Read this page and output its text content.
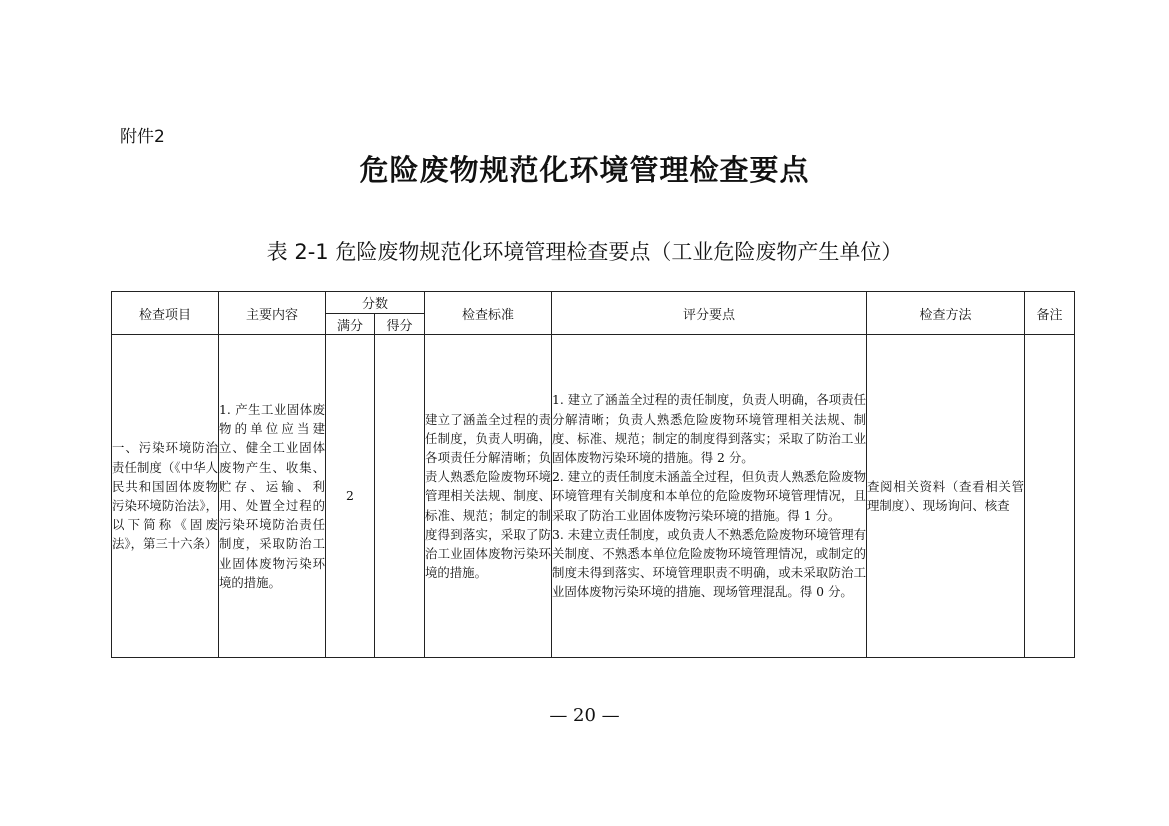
附件2
危险废物规范化环境管理检查要点
表 2-1 危险废物规范化环境管理检查要点（工业危险废物产生单位）
检查项目	主要内容	分数		检查标准	评分要点	检查方法	备注
		满分	得分				
一、污染环境防治责任制度（《中华人民共和国固体废物污染环境防治法》，以下简称《固废法》，第三十六条）	1. 产生工业固体废物的单位应当建立、健全工业固体废物产生、收集、贮存、运输、利用、处置全过程的污染环境防治责任制度，采取防治工业固体废物污染环境的措施。	2		建立了涵盖全过程的责任制度，负责人明确，各项责任分解清晰；负责人熟悉危险废物环境管理相关法规、制度、标准、规范；制定的制度得到落实，采取了防治工业固体废物污染环境的措施。	1. 建立了涵盖全过程的责任制度，负责人明确，各项责任分解清晰；负责人熟悉危险废物环境管理相关法规、制度、标准、规范；制定的制度得到落实；采取了防治工业固体废物污染环境的措施。得 2 分。
2. 建立的责任制度未涵盖全过程，但负责人熟悉危险废物环境管理有关制度和本单位的危险废物环境管理情况，且采取了防治工业固体废物污染环境的措施。得 1 分。
3. 未建立责任制度，或负责人不熟悉危险废物环境管理有关制度、不熟悉本单位危险废物环境管理情况，或制定的制度未得到落实、环境管理职责不明确，或未采取防治工业固体废物污染环境的措施、现场管理混乱。得 0 分。	查阅相关资料（查看相关管理制度）、现场询问、核查	
— 20 —
